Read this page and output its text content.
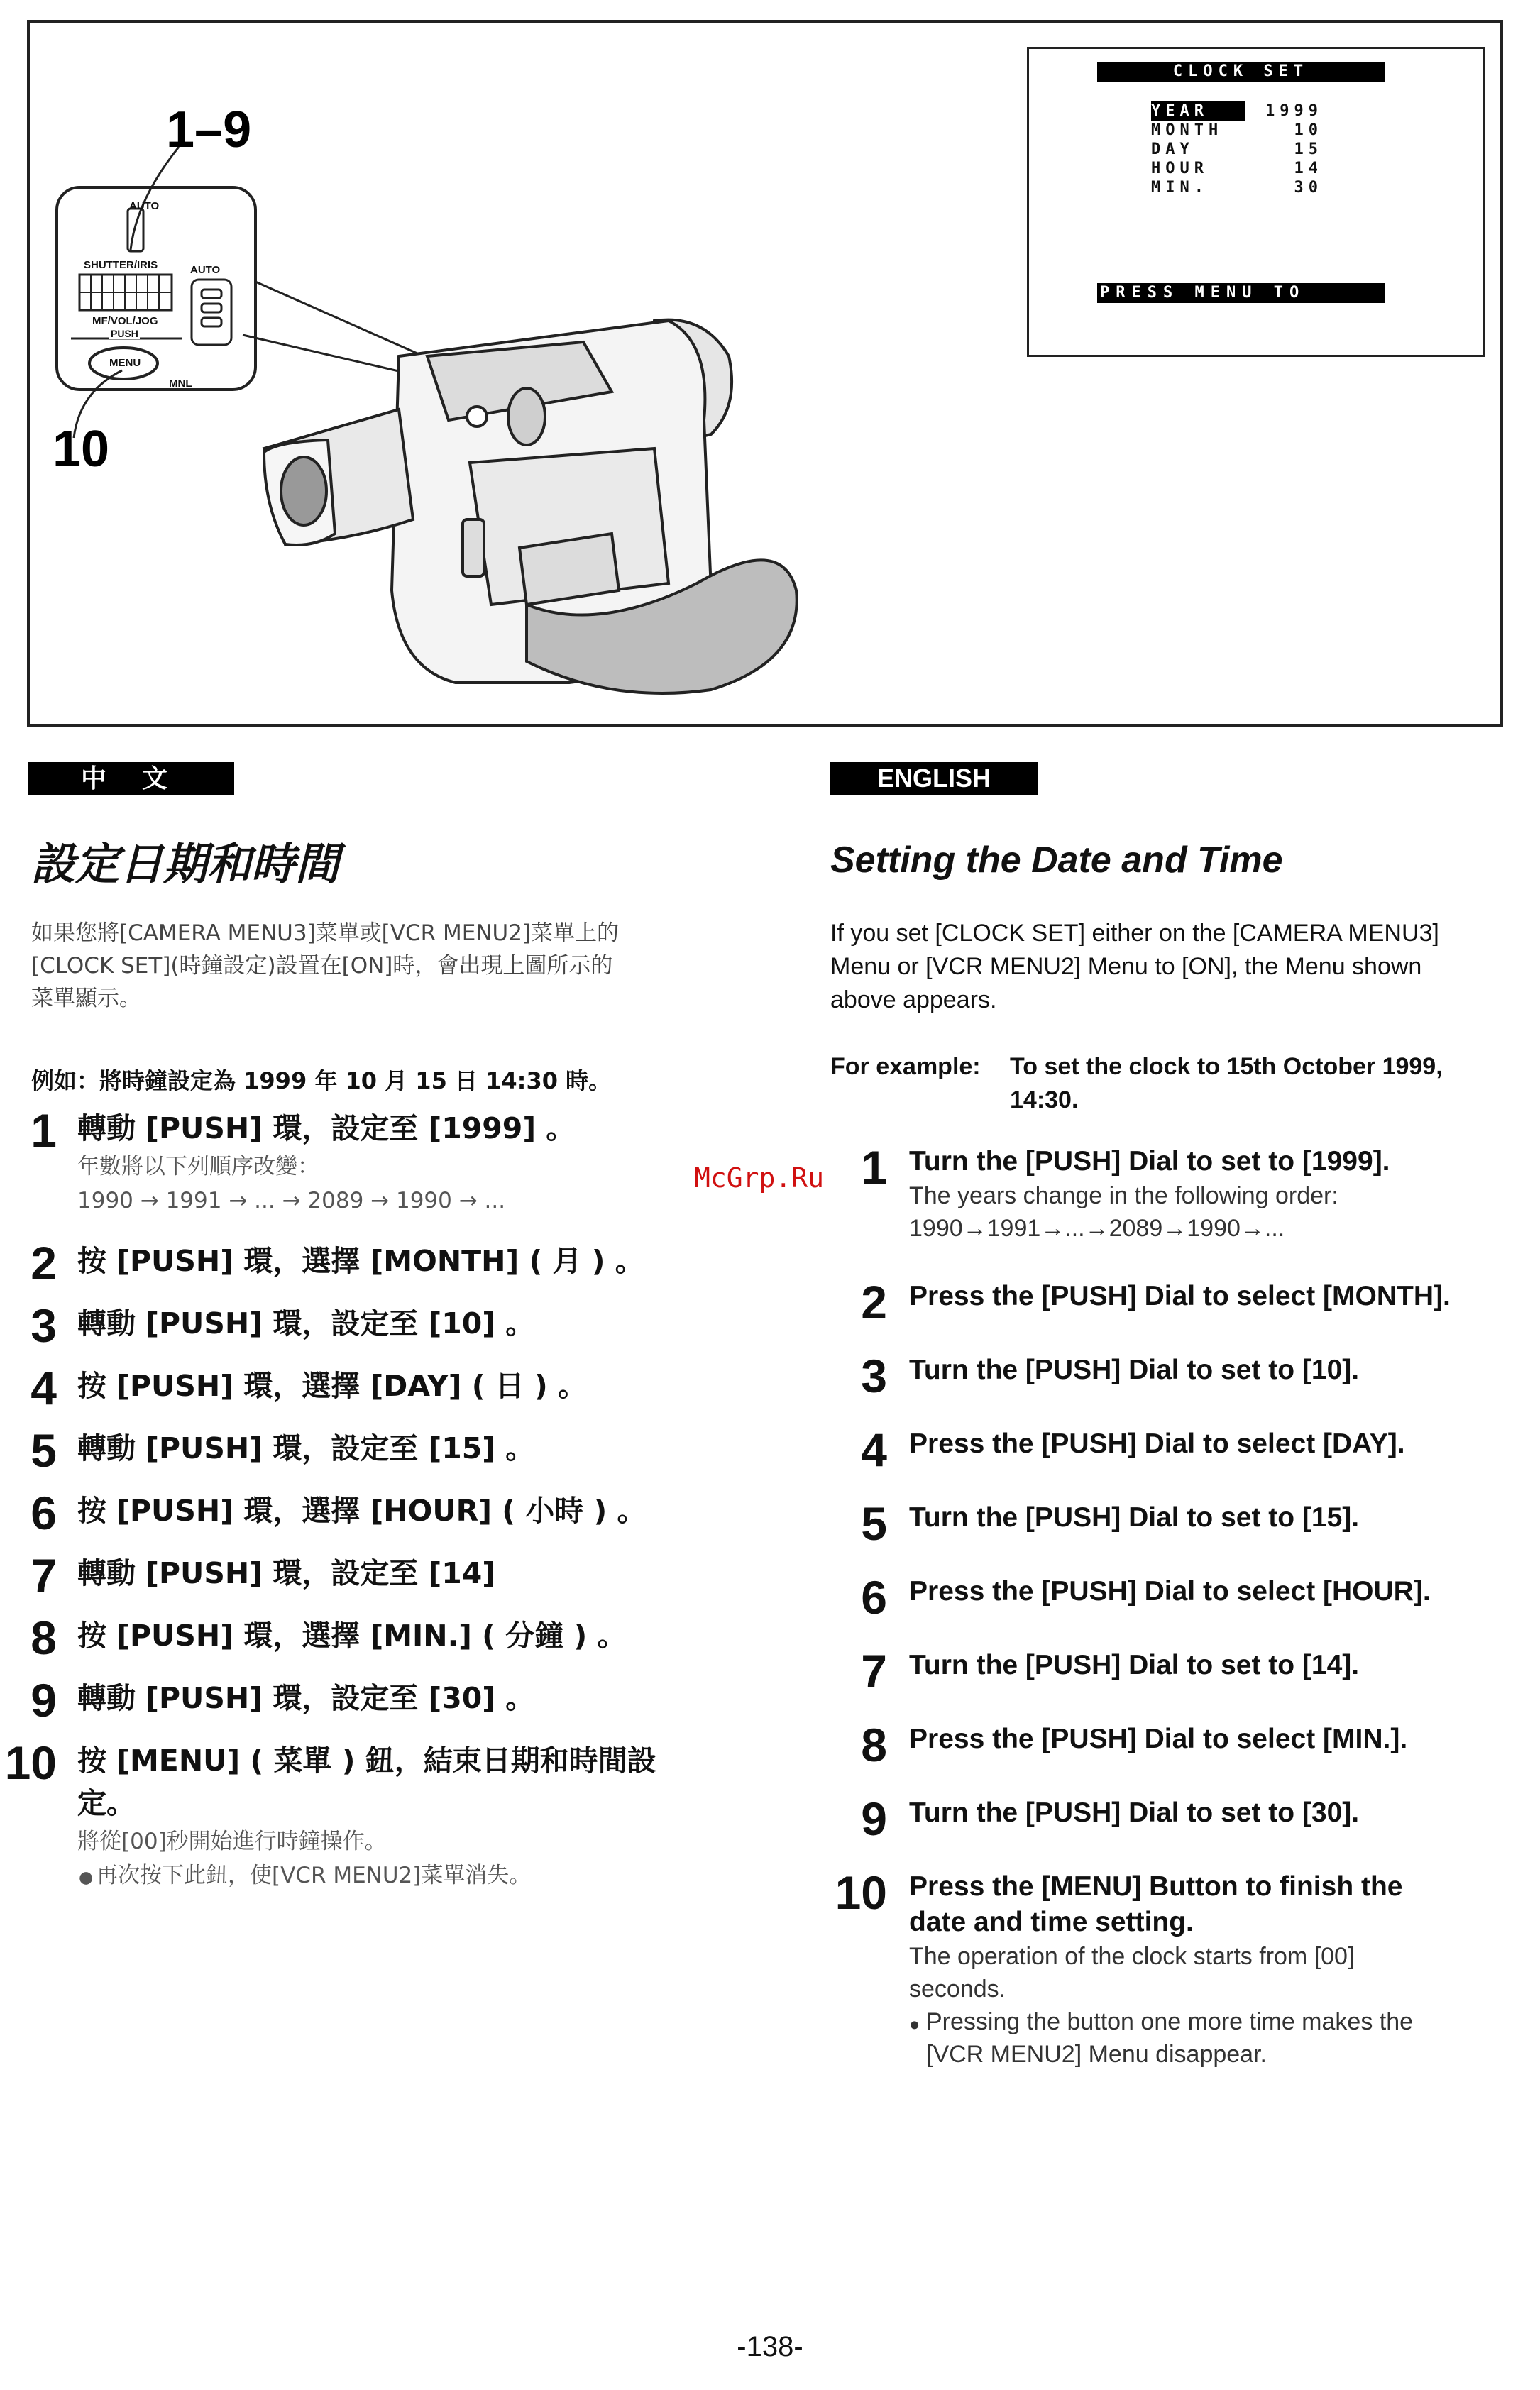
1–9
10
AUTO
SHUTTER/IRIS	AUTO
MF/VOL/JOG
PUSH
MENU
MNL
CLOCK SET
YEAR	1999
MONTH	10
DAY	15
HOUR	14
MIN.	30
PRESS MENU TO RETURN
中 文
設定日期和時間
如果您將[CAMERA MENU3]菜單或[VCR MENU2]菜單上的
[CLOCK SET](時鐘設定)設置在[ON]時，會出現上圖所示的
菜單顯示。
例如：將時鐘設定為 1999 年 10 月 15 日 14:30 時。
1 轉動 [PUSH] 環，設定至 [1999] 。
年數將以下列順序改變：
1990 → 1991 → ... → 2089 → 1990 → ...
2 按 [PUSH] 環，選擇 [MONTH] ( 月 ) 。
3 轉動 [PUSH] 環，設定至 [10] 。
4 按 [PUSH] 環，選擇 [DAY] ( 日 ) 。
5 轉動 [PUSH] 環，設定至 [15] 。
6 按 [PUSH] 環，選擇 [HOUR] ( 小時 ) 。
7 轉動 [PUSH] 環，設定至 [14]
8 按 [PUSH] 環，選擇 [MIN.] ( 分鐘 ) 。
9 轉動 [PUSH] 環，設定至 [30] 。
10 按 [MENU] ( 菜單 ) 鈕，結束日期和時間設
定。
將從[00]秒開始進行時鐘操作。
● 再次按下此鈕，使[VCR MENU2]菜單消失。
ENGLISH
Setting the Date and Time
If you set [CLOCK SET] either on the [CAMERA MENU3]
Menu or [VCR MENU2] Menu to [ON], the Menu shown
above appears.
For example: To set the clock to 15th October 1999,
14:30.
1 Turn the [PUSH] Dial to set to [1999].
The years change in the following order:
1990→1991→...→2089→1990→...
2 Press the [PUSH] Dial to select [MONTH].
3 Turn the [PUSH] Dial to set to [10].
4 Press the [PUSH] Dial to select [DAY].
5 Turn the [PUSH] Dial to set to [15].
6 Press the [PUSH] Dial to select [HOUR].
7 Turn the [PUSH] Dial to set to [14].
8 Press the [PUSH] Dial to select [MIN.].
9 Turn the [PUSH] Dial to set to [30].
10 Press the [MENU] Button to finish the
date and time setting.
The operation of the clock starts from [00]
seconds.
● Pressing the button one more time makes the
[VCR MENU2] Menu disappear.
McGrp.Ru
-138-
